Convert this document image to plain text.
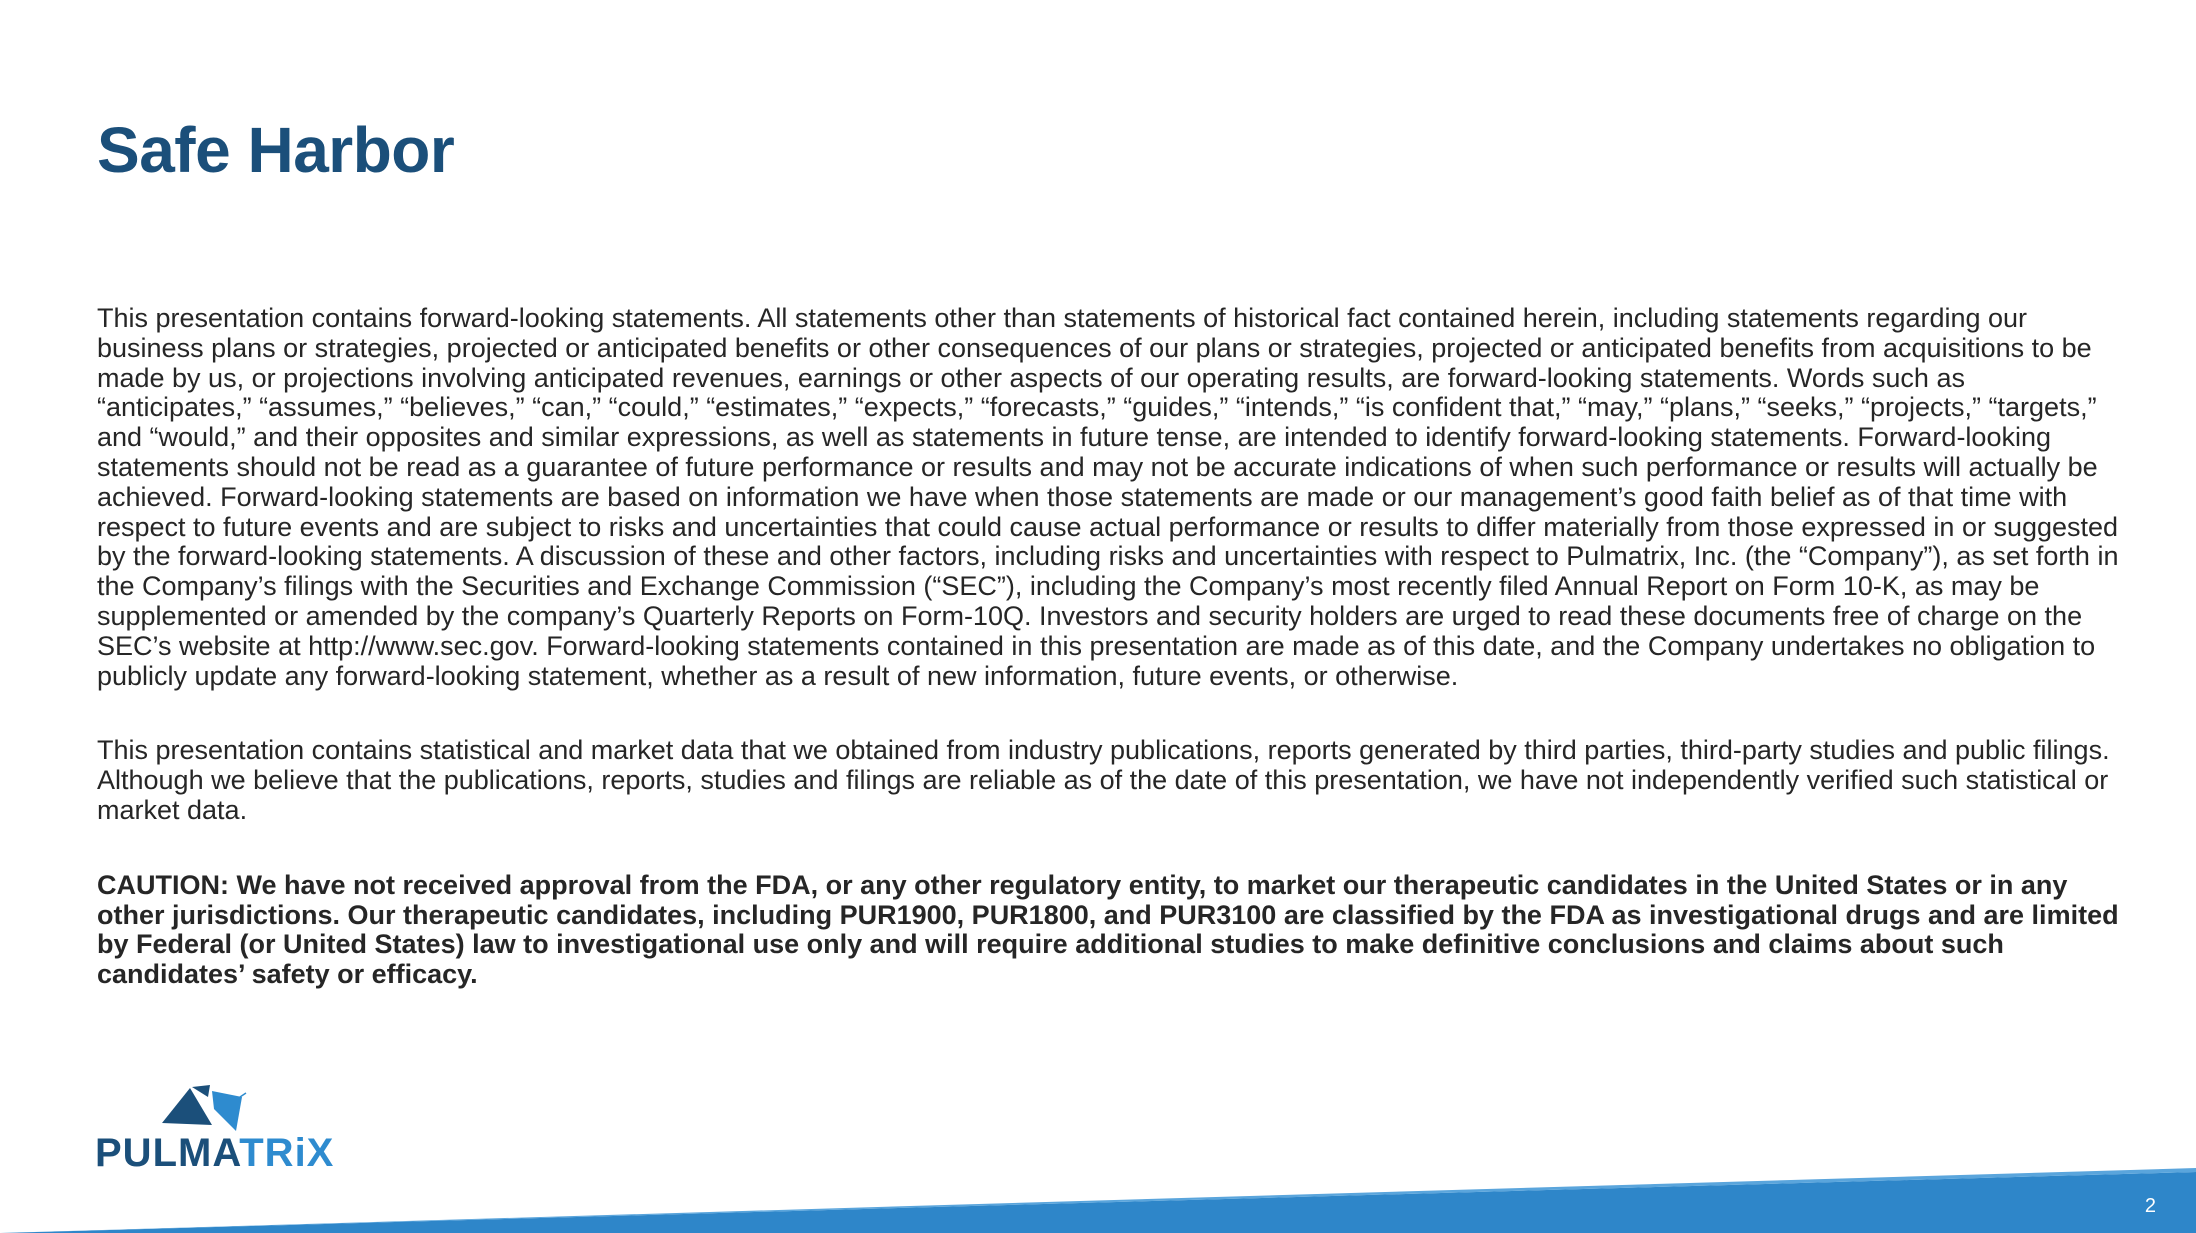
Safe Harbor

This presentation contains forward-looking statements. All statements other than statements of historical fact contained herein, including statements regarding our business plans or strategies, projected or anticipated benefits or other consequences of our plans or strategies, projected or anticipated benefits from acquisitions to be made by us, or projections involving anticipated revenues, earnings or other aspects of our operating results, are forward-looking statements. Words such as “anticipates,” “assumes,” “believes,” “can,” “could,” “estimates,” “expects,” “forecasts,” “guides,” “intends,” “is confident that,” “may,” “plans,” “seeks,” “projects,” “targets,” and “would,” and their opposites and similar expressions, as well as statements in future tense, are intended to identify forward-looking statements. Forward-looking statements should not be read as a guarantee of future performance or results and may not be accurate indications of when such performance or results will actually be achieved. Forward-looking statements are based on information we have when those statements are made or our management’s good faith belief as of that time with respect to future events and are subject to risks and uncertainties that could cause actual performance or results to differ materially from those expressed in or suggested by the forward-looking statements. A discussion of these and other factors, including risks and uncertainties with respect to Pulmatrix, Inc. (the “Company”), as set forth in the Company’s filings with the Securities and Exchange Commission (“SEC”), including the Company’s most recently filed Annual Report on Form 10-K, as may be supplemented or amended by the company’s Quarterly Reports on Form-10Q. Investors and security holders are urged to read these documents free of charge on the SEC’s website at http://www.sec.gov. Forward-looking statements contained in this presentation are made as of this date, and the Company undertakes no obligation to publicly update any forward-looking statement, whether as a result of new information, future events, or otherwise.

This presentation contains statistical and market data that we obtained from industry publications, reports generated by third parties, third-party studies and public filings. Although we believe that the publications, reports, studies and filings are reliable as of the date of this presentation, we have not independently verified such statistical or market data.

CAUTION: We have not received approval from the FDA, or any other regulatory entity, to market our therapeutic candidates in the United States or in any other jurisdictions. Our therapeutic candidates, including PUR1900, PUR1800, and PUR3100 are classified by the FDA as investigational drugs and are limited by Federal (or United States) law to investigational use only and will require additional studies to make definitive conclusions and claims about such candidates’ safety or efficacy.

PULMATRiX
2
